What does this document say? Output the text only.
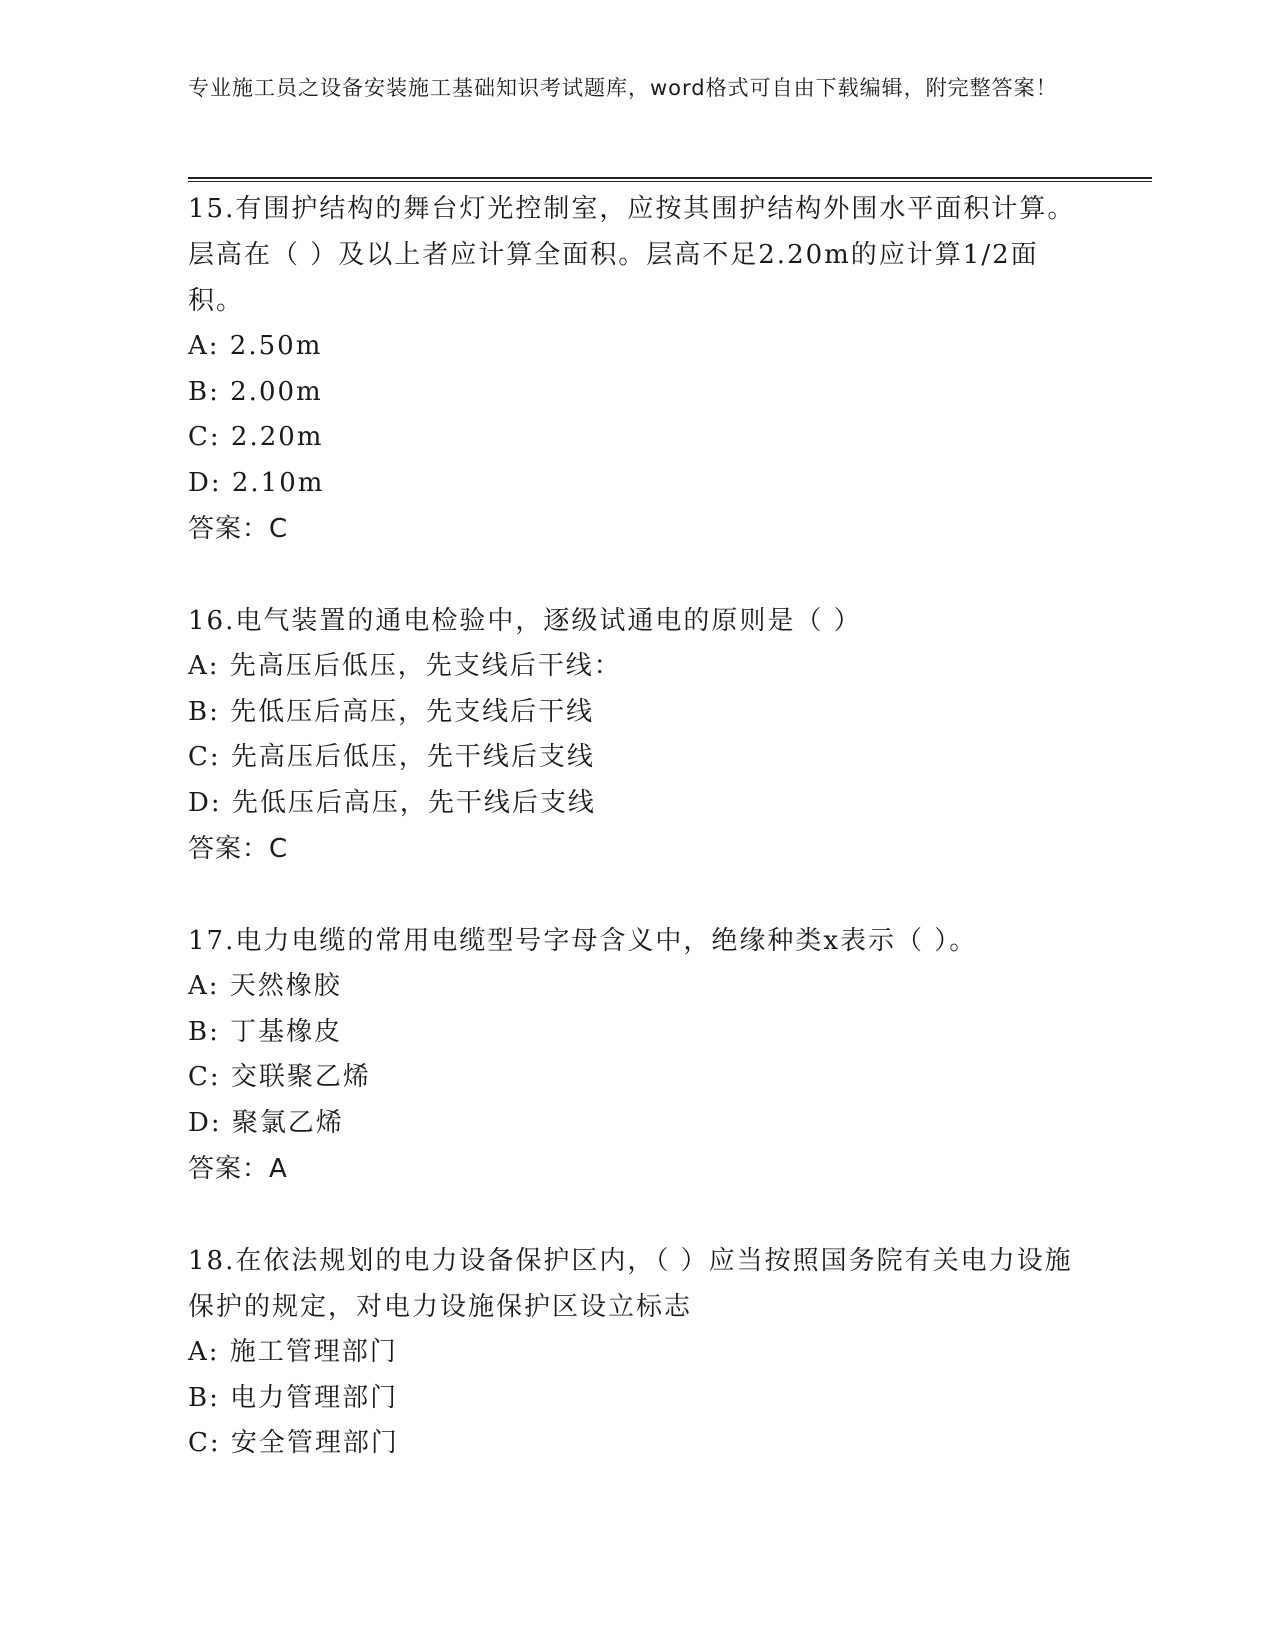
专业施工员之设备安装施工基础知识考试题库，word格式可自由下载编辑，附完整答案！

15.有围护结构的舞台灯光控制室，应按其围护结构外围水平面积计算。层高在（ ）及以上者应计算全面积。层高不足2.20m的应计算1/2面积。

A: 2.50m

B: 2.00m

C: 2.20m

D: 2.10m

答案：C

16.电气装置的通电检验中，逐级试通电的原则是（ ）

A: 先高压后低压，先支线后干线：

B: 先低压后高压，先支线后干线

C: 先高压后低压，先干线后支线

D: 先低压后高压，先干线后支线

答案：C

17.电力电缆的常用电缆型号字母含义中，绝缘种类x表示（ ）。

A: 天然橡胶

B: 丁基橡皮

C: 交联聚乙烯

D: 聚氯乙烯

答案：A

18.在依法规划的电力设备保护区内，（ ）应当按照国务院有关电力设施保护的规定，对电力设施保护区设立标志

A: 施工管理部门

B: 电力管理部门

C: 安全管理部门
